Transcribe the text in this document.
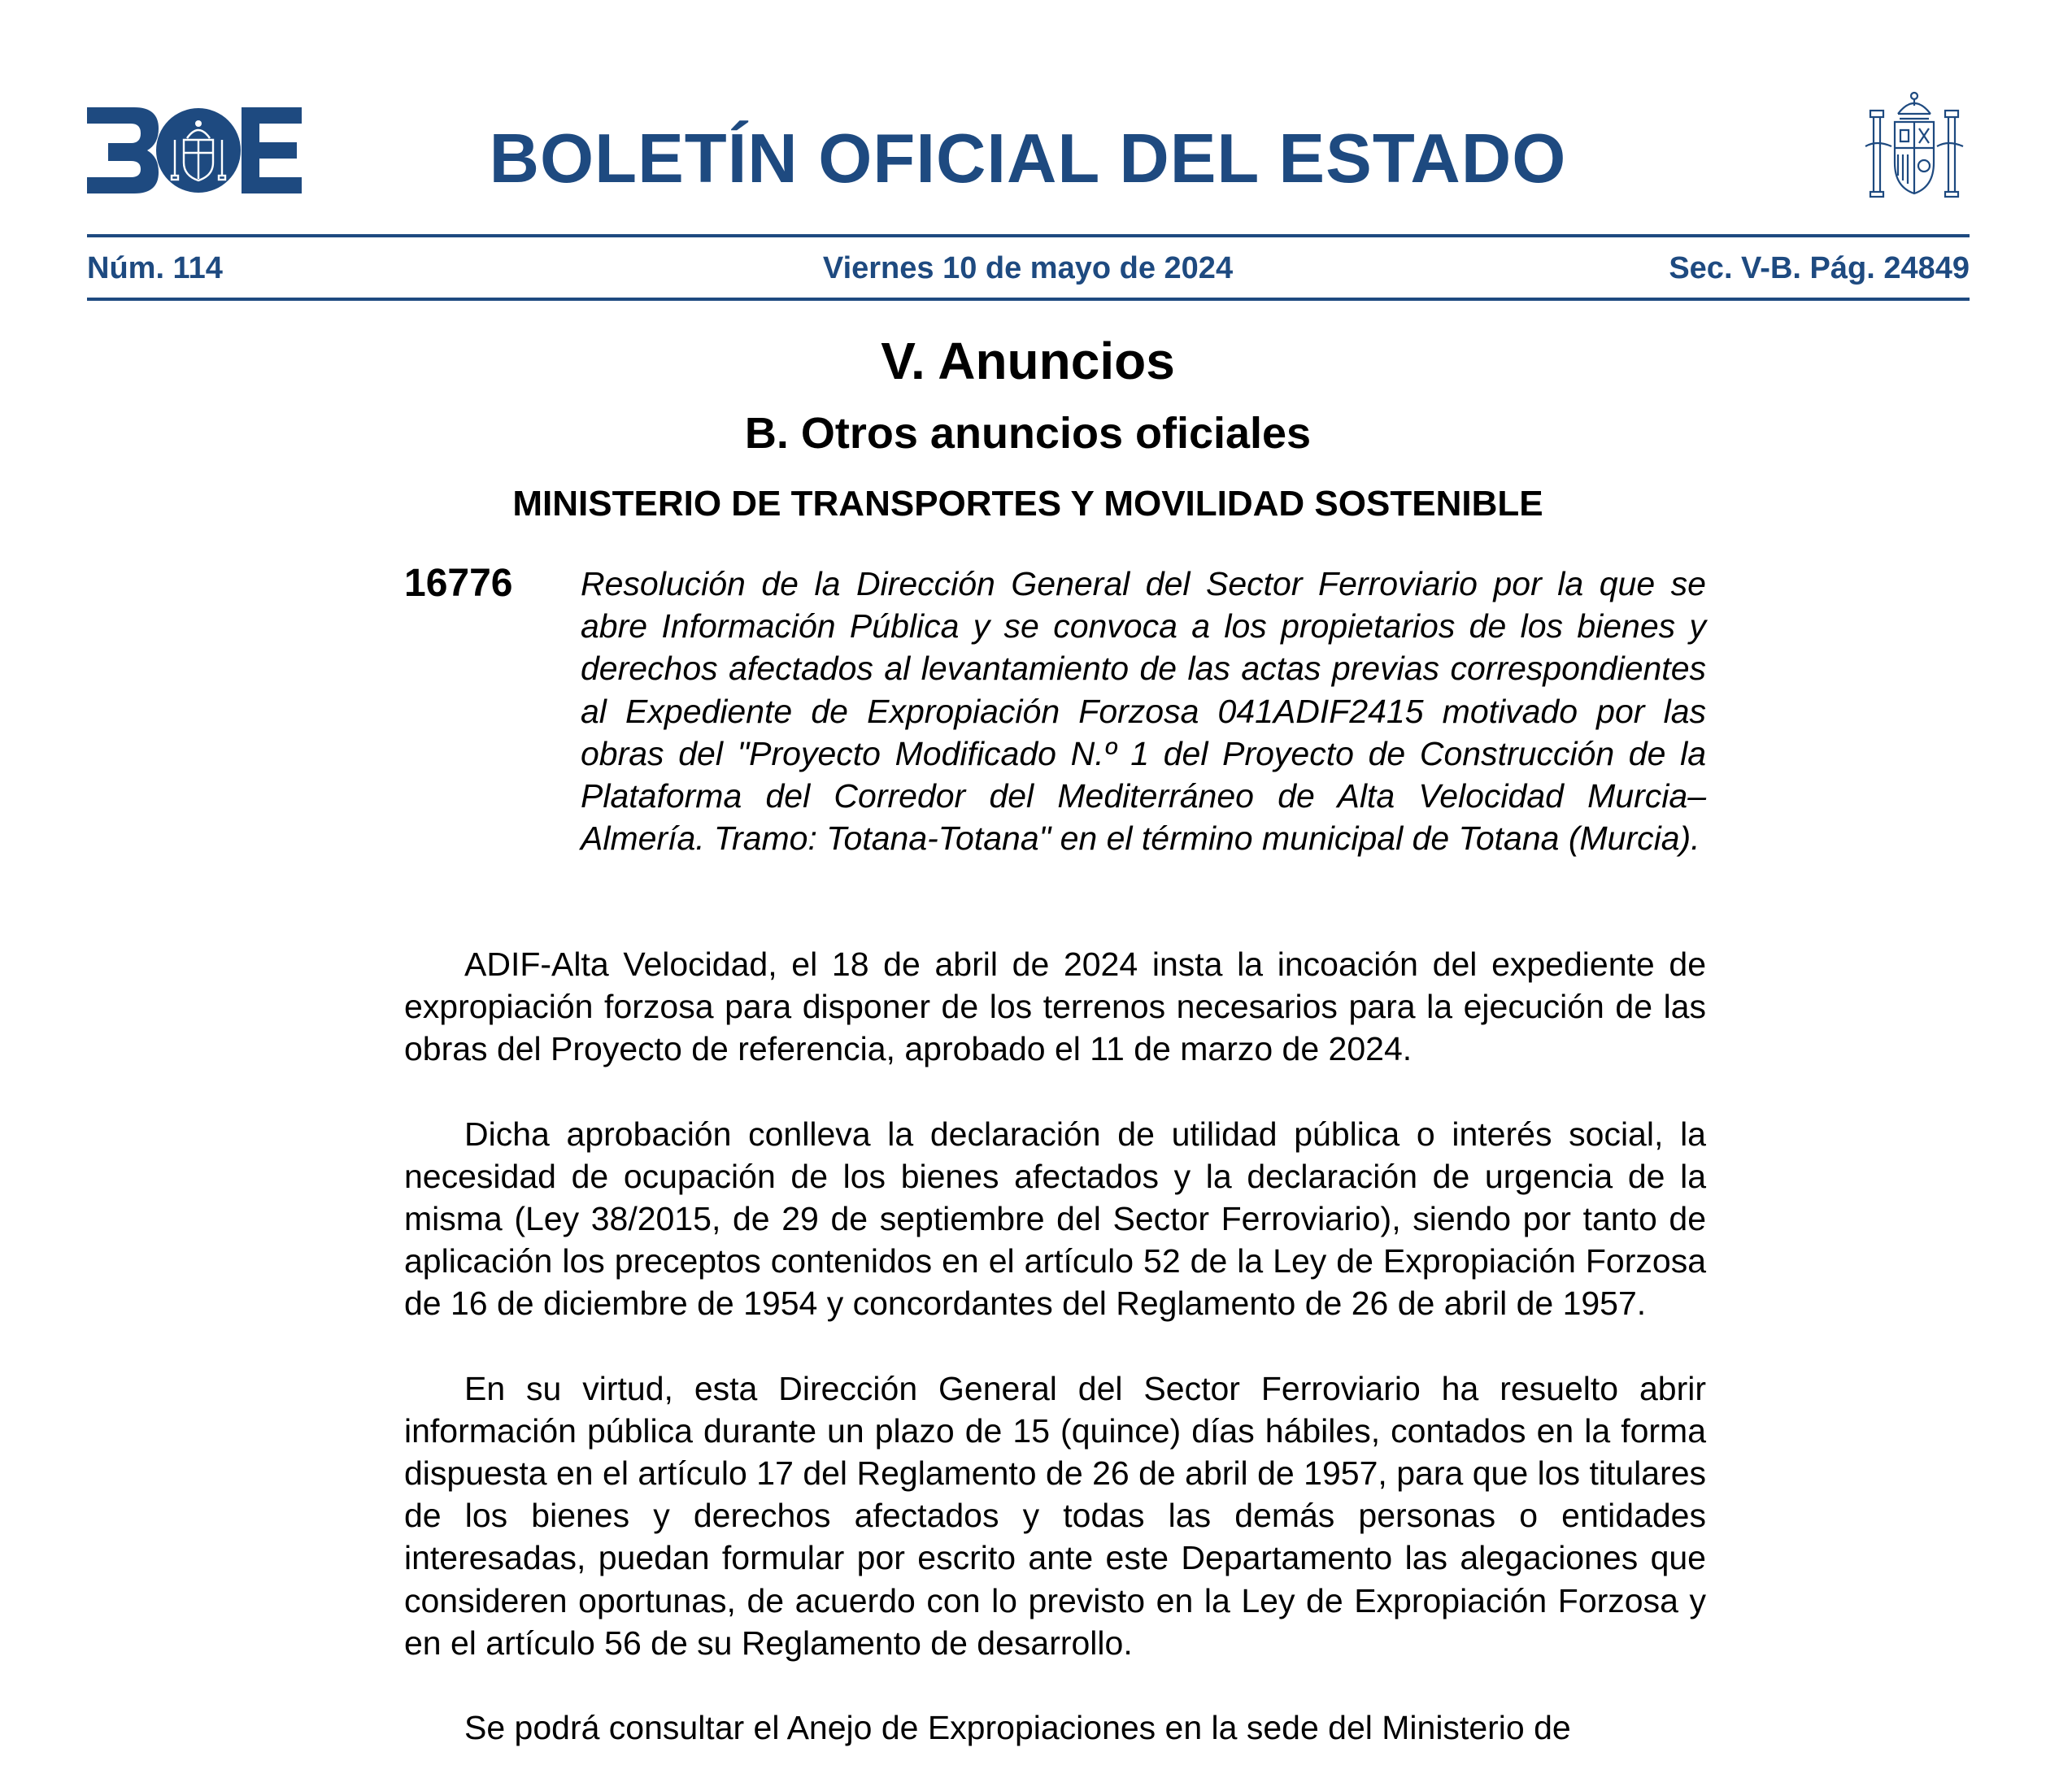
BOLETÍN OFICIAL DEL ESTADO
Núm. 114	Viernes 10 de mayo de 2024	Sec. V-B. Pág. 24849
V. Anuncios
B. Otros anuncios oficiales
MINISTERIO DE TRANSPORTES Y MOVILIDAD SOSTENIBLE
16776 Resolución de la Dirección General del Sector Ferroviario por la que se abre Información Pública y se convoca a los propietarios de los bienes y derechos afectados al levantamiento de las actas previas correspondientes al Expediente de Expropiación Forzosa 041ADIF2415 motivado por las obras del "Proyecto Modificado N.º 1 del Proyecto de Construcción de la Plataforma del Corredor del Mediterráneo de Alta Velocidad Murcia–Almería. Tramo: Totana-Totana" en el término municipal de Totana (Murcia).

ADIF-Alta Velocidad, el 18 de abril de 2024 insta la incoación del expediente de expropiación forzosa para disponer de los terrenos necesarios para la ejecución de las obras del Proyecto de referencia, aprobado el 11 de marzo de 2024.

Dicha aprobación conlleva la declaración de utilidad pública o interés social, la necesidad de ocupación de los bienes afectados y la declaración de urgencia de la misma (Ley 38/2015, de 29 de septiembre del Sector Ferroviario), siendo por tanto de aplicación los preceptos contenidos en el artículo 52 de la Ley de Expropiación Forzosa de 16 de diciembre de 1954 y concordantes del Reglamento de 26 de abril de 1957.

En su virtud, esta Dirección General del Sector Ferroviario ha resuelto abrir información pública durante un plazo de 15 (quince) días hábiles, contados en la forma dispuesta en el artículo 17 del Reglamento de 26 de abril de 1957, para que los titulares de los bienes y derechos afectados y todas las demás personas o entidades interesadas, puedan formular por escrito ante este Departamento las alegaciones que consideren oportunas, de acuerdo con lo previsto en la Ley de Expropiación Forzosa y en el artículo 56 de su Reglamento de desarrollo.

Se podrá consultar el Anejo de Expropiaciones en la sede del Ministerio de
